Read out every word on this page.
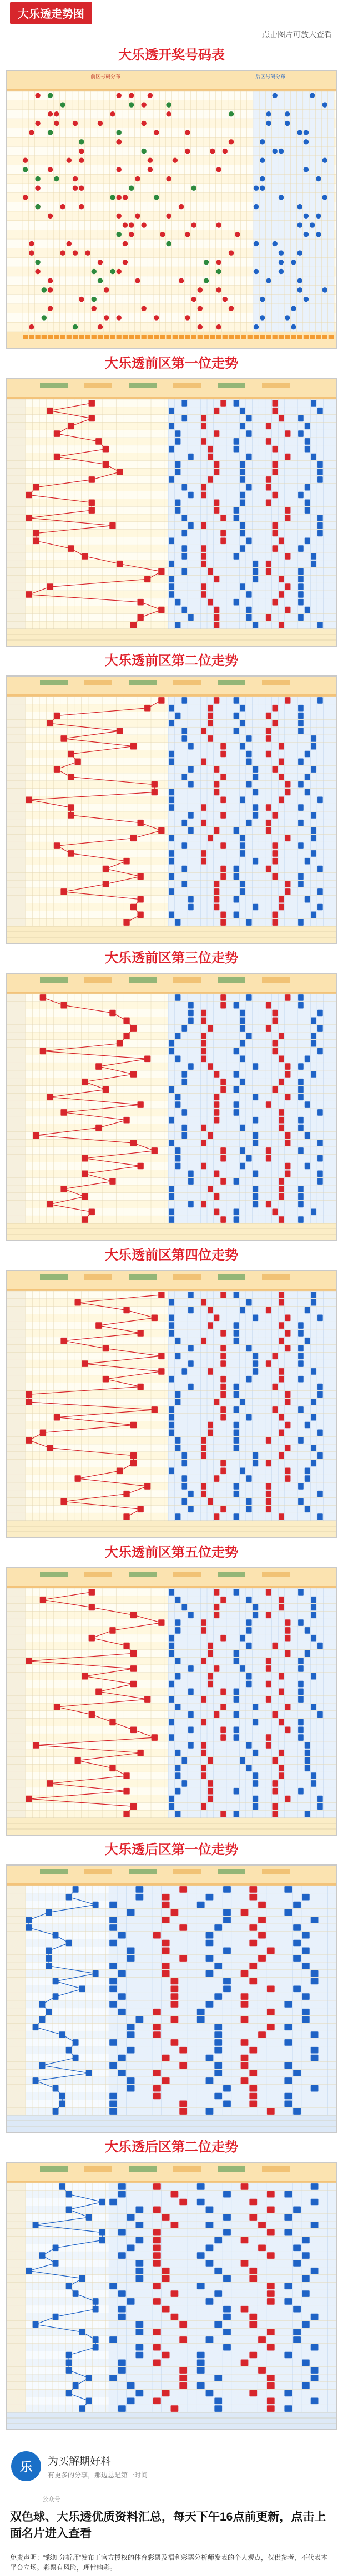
大乐透走势图
点击图片可放大查看
大乐透开奖号码表
前区号码分布	后区号码分布
大乐透前区第一位走势
大乐透前区第二位走势
大乐透前区第三位走势
大乐透前区第四位走势
大乐透前区第五位走势
大乐透后区第一位走势
大乐透后区第二位走势
乐	为买解期好料
有更多的分享，那边总是第一时间
公众号
双色球、大乐透优质资料汇总，每天下午16点前更新，点击上面名片进入查看
免责声明：“彩虹分析师”发布于官方授权的体育彩票及福利彩票分析师发表的个人观点，仅供参考，不代表本平台立场。彩票有风险，理性购彩。
